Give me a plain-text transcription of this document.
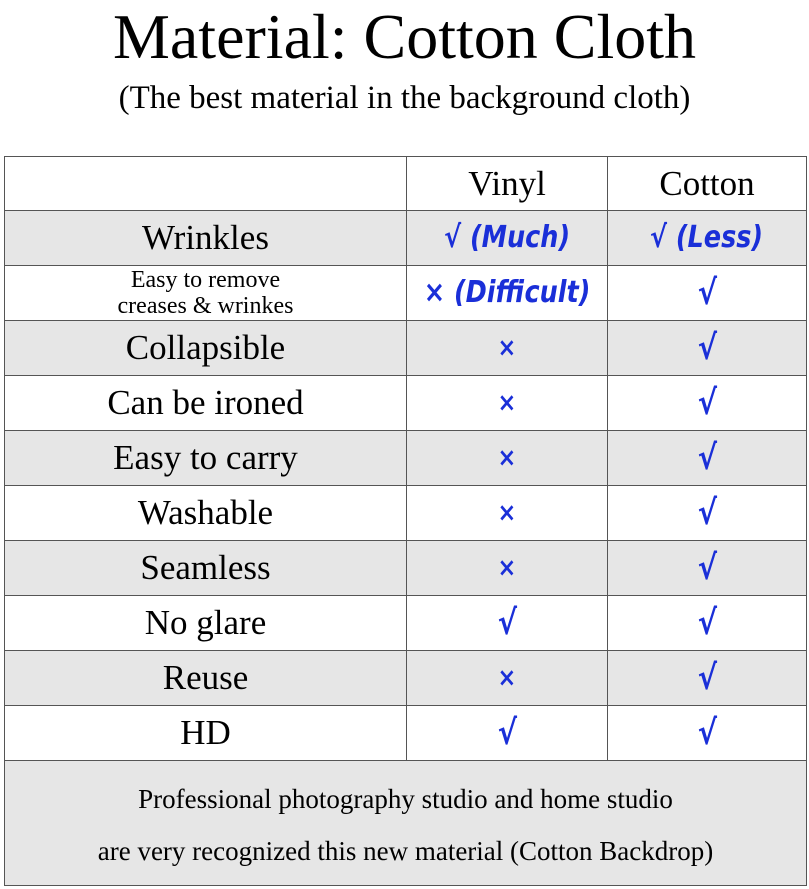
Material: Cotton Cloth
(The best material in the background cloth)
	Vinyl	Cotton
Wrinkles	√ (Much)	√ (Less)

Easy to remove
creases & wrinkes	× (Difficult)	√
Collapsible	×	√
Can be ironed	×	√
Easy to carry	×	√
Washable	×	√
Seamless	×	√
No glare	√	√
Reuse	×	√
HD	√	√

Professional photography studio and home studio
are very recognized this new material (Cotton Backdrop)		
